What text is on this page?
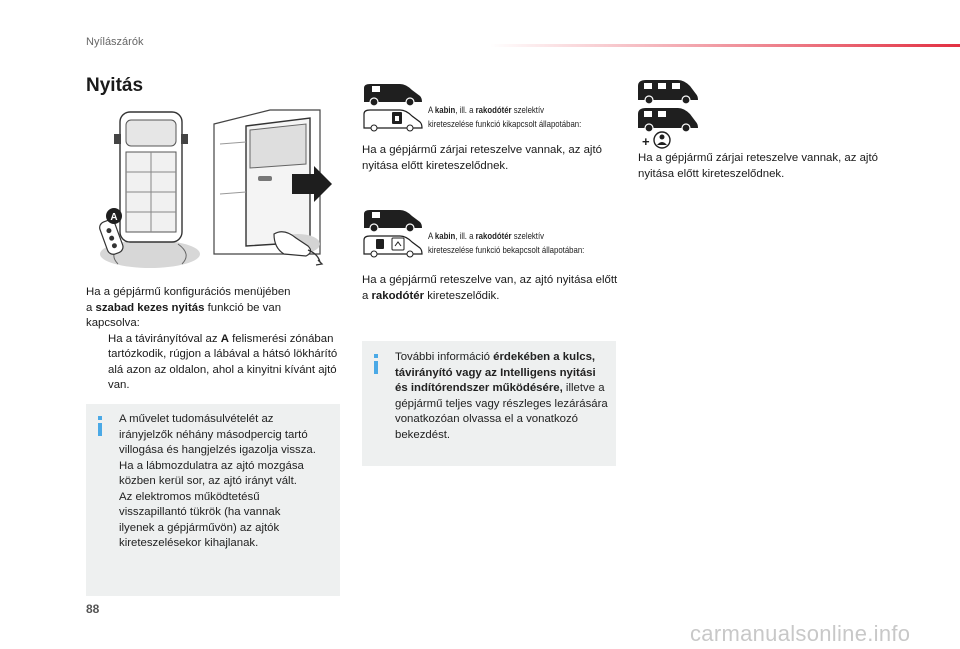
Nyílászárók
Nyitás
A
Ha a gépjármű konfigurációs menüjében
a szabad kezes nyitás funkció be van
kapcsolva:
Ha a távirányítóval az A felismerési zónában tartózkodik, rúgjon a lábával a hátsó lökhárító alá azon az oldalon, ahol a kinyitni kívánt ajtó van.
A művelet tudomásulvételét az
irányjelzők néhány másodpercig tartó
villogása és hangjelzés igazolja vissza.
Ha a lábmozdulatra az ajtó mozgása
közben kerül sor, az ajtó irányt vált.
Az elektromos működtetésű
visszapillantó tükrök (ha vannak
ilyenek a gépjárművön) az ajtók
kireteszelésekor kihajlanak.
A kabin, ill. a rakodótér szelektív
kireteszelése funkció kikapcsolt állapotában:
Ha a gépjármű zárjai reteszelve vannak, az ajtó nyitása előtt kireteszelődnek.
A kabin, ill. a rakodótér szelektív
kireteszelése funkció bekapcsolt állapotában:
Ha a gépjármű reteszelve van, az ajtó nyitása előtt a rakodótér kireteszelődik.
További információ érdekében a kulcs, távirányító vagy az Intelligens nyitási és indítórendszer működésére, illetve a gépjármű teljes vagy részleges lezárására vonatkozóan olvassa el a vonatkozó bekezdést.
+
Ha a gépjármű zárjai reteszelve vannak, az ajtó nyitása előtt kireteszelődnek.
88
carmanualsonline.info
